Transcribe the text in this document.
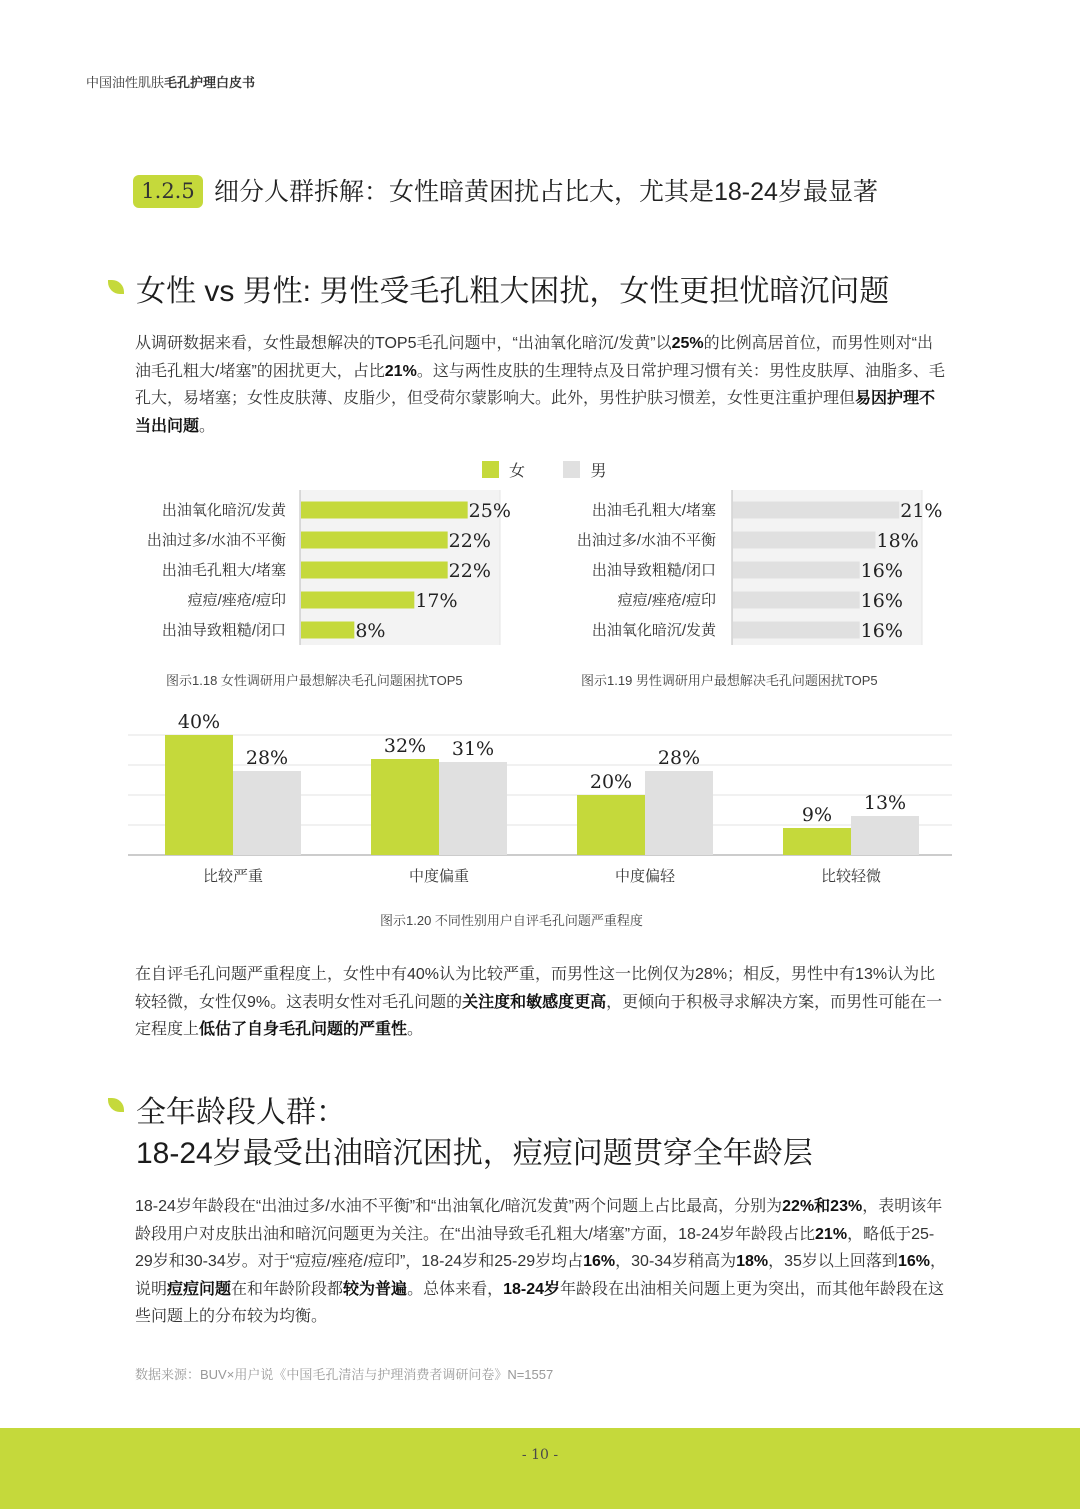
中国油性肌肤毛孔护理白皮书
1.2.5 细分人群拆解：女性暗黄困扰占比大，尤其是18-24岁最显著
女性 vs 男性: 男性受毛孔粗大困扰，女性更担忧暗沉问题
从调研数据来看，女性最想解决的TOP5毛孔问题中，“出油氧化暗沉/发黄”以25%的比例高居首位，而男性则对“出油毛孔粗大/堵塞”的困扰更大，占比21%。这与两性皮肤的生理特点及日常护理习惯有关：男性皮肤厚、油脂多、毛孔大，易堵塞；女性皮肤薄、皮脂少，但受荷尔蒙影响大。此外，男性护肤习惯差，女性更注重护理但易因护理不当出问题。
女	男
出油氧化暗沉/发黄	25%
出油过多/水油不平衡	22%
出油毛孔粗大/堵塞	22%
痘痘/痤疮/痘印	17%
出油导致粗糙/闭口	8%
出油毛孔粗大/堵塞	21%
出油过多/水油不平衡	18%
出油导致粗糙/闭口	16%
痘痘/痤疮/痘印	16%
出油氧化暗沉/发黄	16%
图示1.18 女性调研用户最想解决毛孔问题困扰TOP5	图示1.19 男性调研用户最想解决毛孔问题困扰TOP5
40%
28%
比较严重
32% 31%
中度偏重
20%
28%
中度偏轻
9%
13%
比较轻微
图示1.20 不同性别用户自评毛孔问题严重程度
在自评毛孔问题严重程度上，女性中有40%认为比较严重，而男性这一比例仅为28%；相反，男性中有13%认为比较轻微，女性仅9%。这表明女性对毛孔问题的关注度和敏感度更高，更倾向于积极寻求解决方案，而男性可能在一定程度上低估了自身毛孔问题的严重性。
全年龄段人群：
18-24岁最受出油暗沉困扰，痘痘问题贯穿全年龄层
18-24岁年龄段在“出油过多/水油不平衡”和“出油氧化/暗沉发黄”两个问题上占比最高，分别为22%和23%，表明该年龄段用户对皮肤出油和暗沉问题更为关注。在“出油导致毛孔粗大/堵塞”方面，18-24岁年龄段占比21%，略低于25-29岁和30-34岁。对于“痘痘/痤疮/痘印”，18-24岁和25-29岁均占16%，30-34岁稍高为18%，35岁以上回落到16%，说明痘痘问题在和年龄阶段都较为普遍。总体来看，18-24岁年龄段在出油相关问题上更为突出，而其他年龄段在这些问题上的分布较为均衡。
数据来源：BUV×用户说《中国毛孔清洁与护理消费者调研问卷》N=1557
- 10 -
